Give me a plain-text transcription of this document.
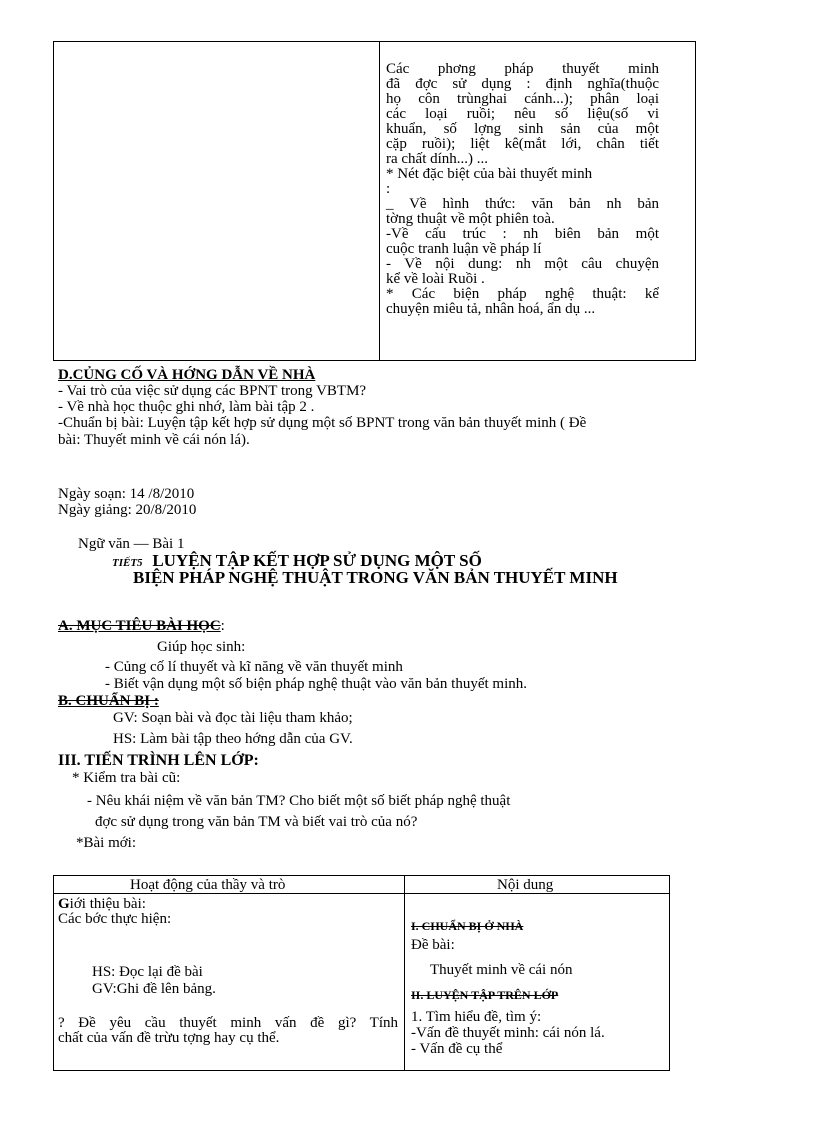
Các phơng pháp thuyết minh
đã đợc sử dụng : định nghĩa(thuộc
họ côn trùnghai cánh...); phân loại
các loại ruồi; nêu số liệu(số vi
khuẩn, số lợng sinh sản của một
cặp ruồi); liệt kê(mắt lới, chân tiết
ra chất dính...) ...
* Nét đặc biệt của bài thuyết minh
:
_ Về hình thức: văn bản nh bản
tờng thuật về một phiên toà.
-Về cấu trúc : nh biên bản một
cuộc tranh luận về pháp lí
- Về nội dung: nh một câu chuyện
kể về loài Ruồi .
* Các biện pháp nghệ thuật: kể
chuyện miêu tả, nhân hoá, ẩn dụ ...
D.CỦNG CỐ VÀ HỚNG DẪN VỀ NHÀ
- Vai trò của việc sử dụng các BPNT trong VBTM?
- Về nhà học thuộc ghi nhớ, làm bài tập 2 .
-Chuẩn bị bài: Luyện tập kết hợp sử dụng một số BPNT trong văn bản thuyết minh ( Đề
bài: Thuyết minh về cái nón lá).
Ngày soạn: 14 /8/2010
Ngày giảng: 20/8/2010
Ngữ văn — Bài 1
TIẾT5 LUYỆN TẬP KẾT HỢP SỬ DỤNG MỘT SỐ
BIỆN PHÁP NGHỆ THUẬT TRONG VĂN BẢN THUYẾT MINH
A. MỤC TIÊU BÀI HỌC:
Giúp học sinh:
- Củng cố lí thuyết và kĩ năng về văn thuyết minh
- Biết vận dụng một số biện pháp nghệ thuật vào văn bản thuyết minh.
B. CHUẨN BỊ :
GV: Soạn bài và đọc tài liệu tham khảo;
HS: Làm bài tập theo hớng dẫn của GV.
III. TIẾN TRÌNH LÊN LỚP:
* Kiểm tra bài cũ:
- Nêu khái niệm về văn bản TM? Cho biết một số biết pháp nghệ thuật
đợc sử dụng trong văn bản TM và biết vai trò của nó?
*Bài mới:
Hoạt động của thầy và trò	Nội dung
Giới thiệu bài:
Các bớc thực hiện:
HS: Đọc lại đề bài
GV:Ghi đề lên bảng.
? Đề yêu cầu thuyết minh vấn đề gì? Tính
chất của vấn đề trừu tợng hay cụ thể.
I. CHUẨN BỊ Ở NHÀ
Đề bài:
Thuyết minh về cái nón
II. LUYỆN TẬP TRÊN LỚP
1. Tìm hiểu đề, tìm ý:
-Vấn đề thuyết minh: cái nón lá.
- Vấn đề cụ thể
